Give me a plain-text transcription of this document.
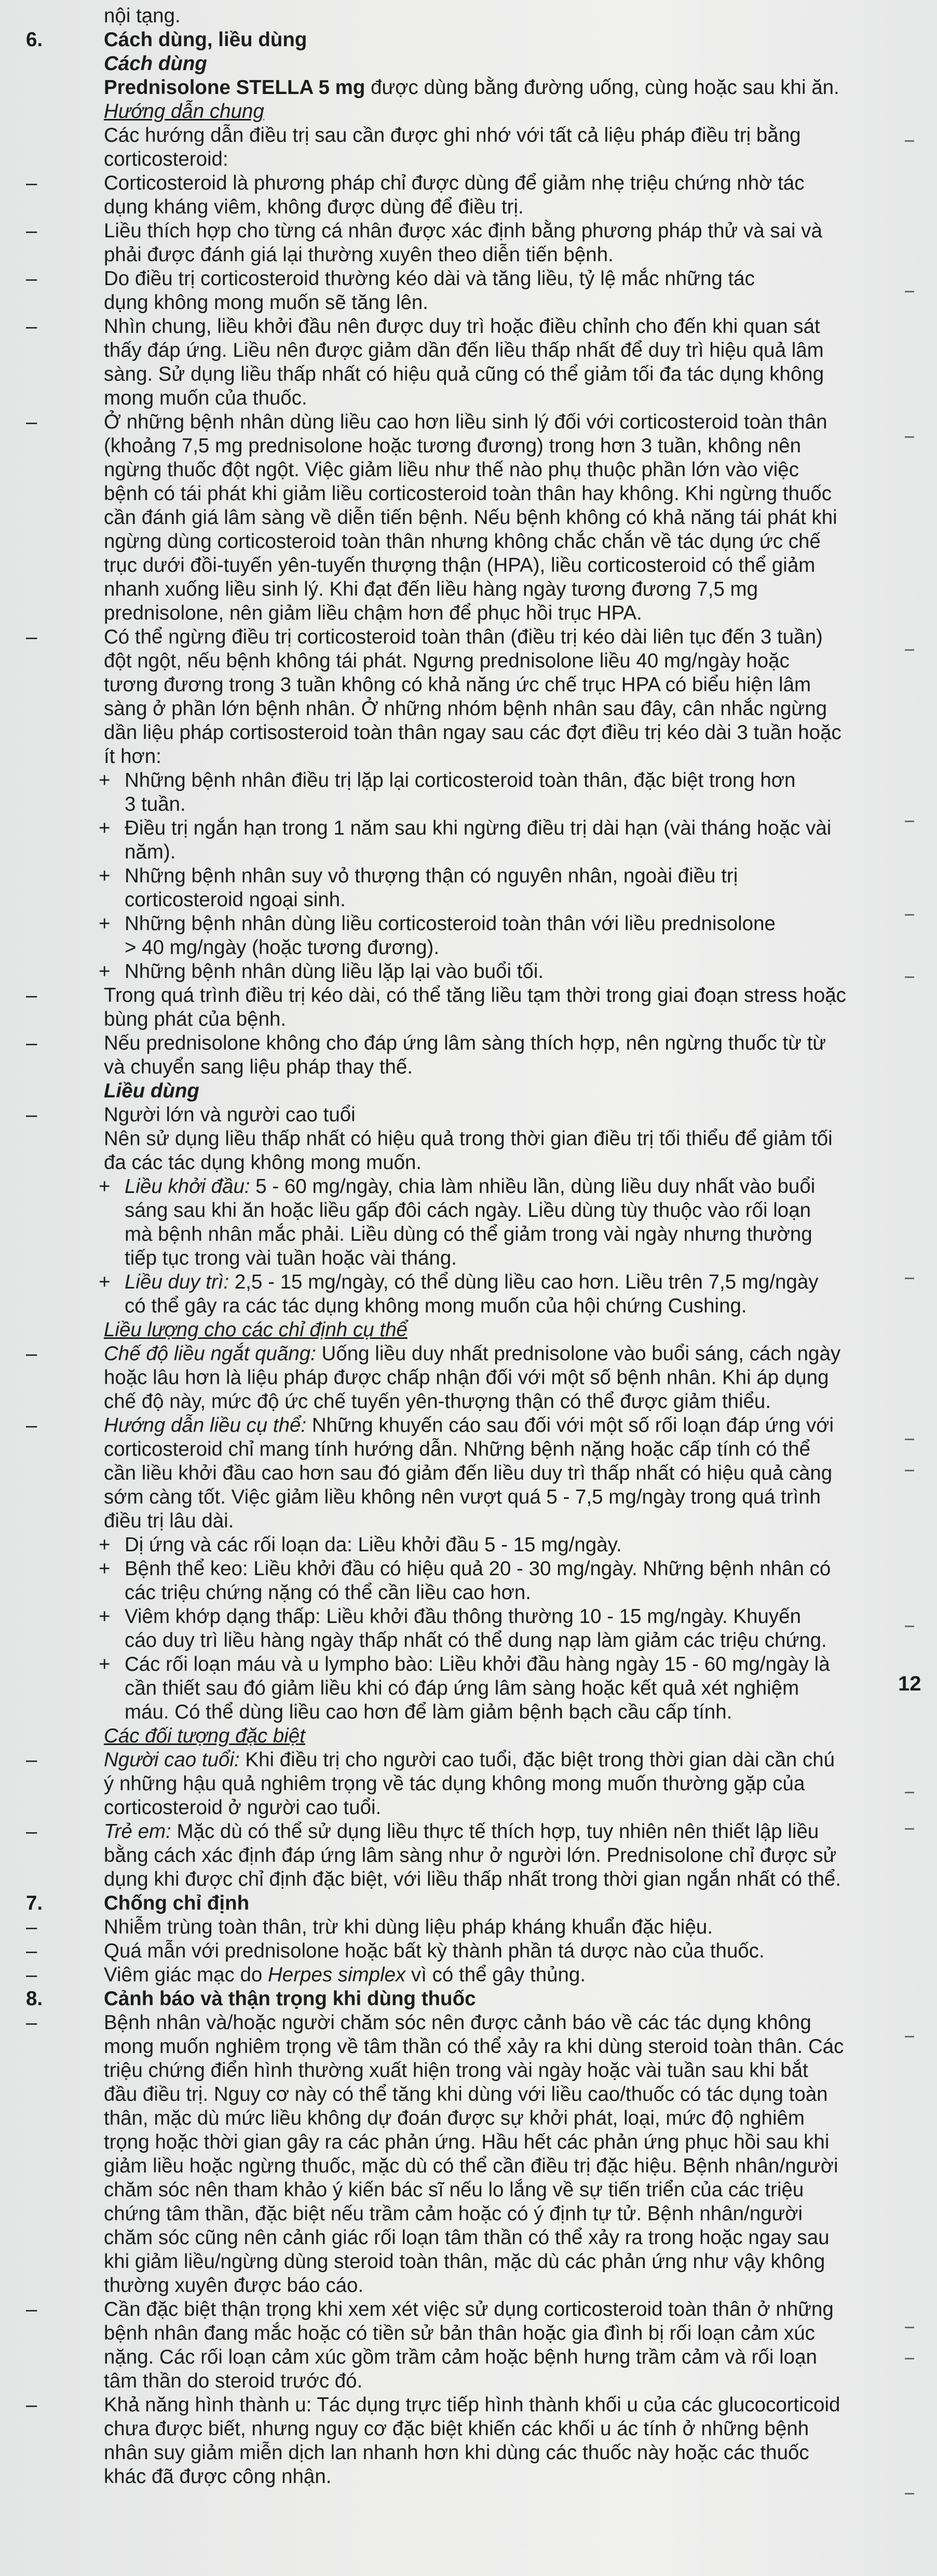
nội tạng.
6.	Cách dùng, liều dùng
Cách dùng
Prednisolone STELLA 5 mg được dùng bằng đường uống, cùng hoặc sau khi ăn.
Hướng dẫn chung
Các hướng dẫn điều trị sau cần được ghi nhớ với tất cả liệu pháp điều trị bằng
corticosteroid:
–	Corticosteroid là phương pháp chỉ được dùng để giảm nhẹ triệu chứng nhờ tác
dụng kháng viêm, không được dùng để điều trị.
–	Liều thích hợp cho từng cá nhân được xác định bằng phương pháp thử và sai và
phải được đánh giá lại thường xuyên theo diễn tiến bệnh.
–	Do điều trị corticosteroid thường kéo dài và tăng liều, tỷ lệ mắc những tác
dụng không mong muốn sẽ tăng lên.
–	Nhìn chung, liều khởi đầu nên được duy trì hoặc điều chỉnh cho đến khi quan sát
thấy đáp ứng. Liều nên được giảm dần đến liều thấp nhất để duy trì hiệu quả lâm
sàng. Sử dụng liều thấp nhất có hiệu quả cũng có thể giảm tối đa tác dụng không
mong muốn của thuốc.
–	Ở những bệnh nhân dùng liều cao hơn liều sinh lý đối với corticosteroid toàn thân
(khoảng 7,5 mg prednisolone hoặc tương đương) trong hơn 3 tuần, không nên
ngừng thuốc đột ngột. Việc giảm liều như thế nào phụ thuộc phần lớn vào việc
bệnh có tái phát khi giảm liều corticosteroid toàn thân hay không. Khi ngừng thuốc
cần đánh giá lâm sàng về diễn tiến bệnh. Nếu bệnh không có khả năng tái phát khi
ngừng dùng corticosteroid toàn thân nhưng không chắc chắn về tác dụng ức chế
trục dưới đồi-tuyến yên-tuyến thượng thận (HPA), liều corticosteroid có thể giảm
nhanh xuống liều sinh lý. Khi đạt đến liều hàng ngày tương đương 7,5 mg
prednisolone, nên giảm liều chậm hơn để phục hồi trục HPA.
–	Có thể ngừng điều trị corticosteroid toàn thân (điều trị kéo dài liên tục đến 3 tuần)
đột ngột, nếu bệnh không tái phát. Ngưng prednisolone liều 40 mg/ngày hoặc
tương đương trong 3 tuần không có khả năng ức chế trục HPA có biểu hiện lâm
sàng ở phần lớn bệnh nhân. Ở những nhóm bệnh nhân sau đây, cân nhắc ngừng
dần liệu pháp cortisosteroid toàn thân ngay sau các đợt điều trị kéo dài 3 tuần hoặc
ít hơn:
+ Những bệnh nhân điều trị lặp lại corticosteroid toàn thân, đặc biệt trong hơn
3 tuần.
+ Điều trị ngắn hạn trong 1 năm sau khi ngừng điều trị dài hạn (vài tháng hoặc vài
năm).
+ Những bệnh nhân suy vỏ thượng thận có nguyên nhân, ngoài điều trị
corticosteroid ngoại sinh.
+ Những bệnh nhân dùng liều corticosteroid toàn thân với liều prednisolone
> 40 mg/ngày (hoặc tương đương).
+ Những bệnh nhân dùng liều lặp lại vào buổi tối.
–	Trong quá trình điều trị kéo dài, có thể tăng liều tạm thời trong giai đoạn stress hoặc
bùng phát của bệnh.
–	Nếu prednisolone không cho đáp ứng lâm sàng thích hợp, nên ngừng thuốc từ từ
và chuyển sang liệu pháp thay thế.
Liều dùng
–	Người lớn và người cao tuổi
Nên sử dụng liều thấp nhất có hiệu quả trong thời gian điều trị tối thiểu để giảm tối
đa các tác dụng không mong muốn.
+ Liều khởi đầu: 5 - 60 mg/ngày, chia làm nhiều lần, dùng liều duy nhất vào buổi
sáng sau khi ăn hoặc liều gấp đôi cách ngày. Liều dùng tùy thuộc vào rối loạn
mà bệnh nhân mắc phải. Liều dùng có thể giảm trong vài ngày nhưng thường
tiếp tục trong vài tuần hoặc vài tháng.
+ Liều duy trì: 2,5 - 15 mg/ngày, có thể dùng liều cao hơn. Liều trên 7,5 mg/ngày
có thể gây ra các tác dụng không mong muốn của hội chứng Cushing.
Liều lượng cho các chỉ định cụ thể
–	Chế độ liều ngắt quãng: Uống liều duy nhất prednisolone vào buổi sáng, cách ngày
hoặc lâu hơn là liệu pháp được chấp nhận đối với một số bệnh nhân. Khi áp dụng
chế độ này, mức độ ức chế tuyến yên-thượng thận có thể được giảm thiểu.
–	Hướng dẫn liều cụ thể: Những khuyến cáo sau đối với một số rối loạn đáp ứng với
corticosteroid chỉ mang tính hướng dẫn. Những bệnh nặng hoặc cấp tính có thể
cần liều khởi đầu cao hơn sau đó giảm đến liều duy trì thấp nhất có hiệu quả càng
sớm càng tốt. Việc giảm liều không nên vượt quá 5 - 7,5 mg/ngày trong quá trình
điều trị lâu dài.
+ Dị ứng và các rối loạn da: Liều khởi đầu 5 - 15 mg/ngày.
+ Bệnh thể keo: Liều khởi đầu có hiệu quả 20 - 30 mg/ngày. Những bệnh nhân có
các triệu chứng nặng có thể cần liều cao hơn.
+ Viêm khớp dạng thấp: Liều khởi đầu thông thường 10 - 15 mg/ngày. Khuyến
cáo duy trì liều hàng ngày thấp nhất có thể dung nạp làm giảm các triệu chứng.
+ Các rối loạn máu và u lympho bào: Liều khởi đầu hàng ngày 15 - 60 mg/ngày là
cần thiết sau đó giảm liều khi có đáp ứng lâm sàng hoặc kết quả xét nghiệm
máu. Có thể dùng liều cao hơn để làm giảm bệnh bạch cầu cấp tính.
Các đối tượng đặc biệt
–	Người cao tuổi: Khi điều trị cho người cao tuổi, đặc biệt trong thời gian dài cần chú
ý những hậu quả nghiêm trọng về tác dụng không mong muốn thường gặp của
corticosteroid ở người cao tuổi.
–	Trẻ em: Mặc dù có thể sử dụng liều thực tế thích hợp, tuy nhiên nên thiết lập liều
bằng cách xác định đáp ứng lâm sàng như ở người lớn. Prednisolone chỉ được sử
dụng khi được chỉ định đặc biệt, với liều thấp nhất trong thời gian ngắn nhất có thể.
7.	Chống chỉ định
–	Nhiễm trùng toàn thân, trừ khi dùng liệu pháp kháng khuẩn đặc hiệu.
–	Quá mẫn với prednisolone hoặc bất kỳ thành phần tá dược nào của thuốc.
–	Viêm giác mạc do Herpes simplex vì có thể gây thủng.
8.	Cảnh báo và thận trọng khi dùng thuốc
–	Bệnh nhân và/hoặc người chăm sóc nên được cảnh báo về các tác dụng không
mong muốn nghiêm trọng về tâm thần có thể xảy ra khi dùng steroid toàn thân. Các
triệu chứng điển hình thường xuất hiện trong vài ngày hoặc vài tuần sau khi bắt
đầu điều trị. Nguy cơ này có thể tăng khi dùng với liều cao/thuốc có tác dụng toàn
thân, mặc dù mức liều không dự đoán được sự khởi phát, loại, mức độ nghiêm
trọng hoặc thời gian gây ra các phản ứng. Hầu hết các phản ứng phục hồi sau khi
giảm liều hoặc ngừng thuốc, mặc dù có thể cần điều trị đặc hiệu. Bệnh nhân/người
chăm sóc nên tham khảo ý kiến bác sĩ nếu lo lắng về sự tiến triển của các triệu
chứng tâm thần, đặc biệt nếu trầm cảm hoặc có ý định tự tử. Bệnh nhân/người
chăm sóc cũng nên cảnh giác rối loạn tâm thần có thể xảy ra trong hoặc ngay sau
khi giảm liều/ngừng dùng steroid toàn thân, mặc dù các phản ứng như vậy không
thường xuyên được báo cáo.
–	Cần đặc biệt thận trọng khi xem xét việc sử dụng corticosteroid toàn thân ở những
bệnh nhân đang mắc hoặc có tiền sử bản thân hoặc gia đình bị rối loạn cảm xúc
nặng. Các rối loạn cảm xúc gồm trầm cảm hoặc bệnh hưng trầm cảm và rối loạn
tâm thần do steroid trước đó.
–	Khả năng hình thành u: Tác dụng trực tiếp hình thành khối u của các glucocorticoid
chưa được biết, nhưng nguy cơ đặc biệt khiến các khối u ác tính ở những bệnh
nhân suy giảm miễn dịch lan nhanh hơn khi dùng các thuốc này hoặc các thuốc
khác đã được công nhận.
12
